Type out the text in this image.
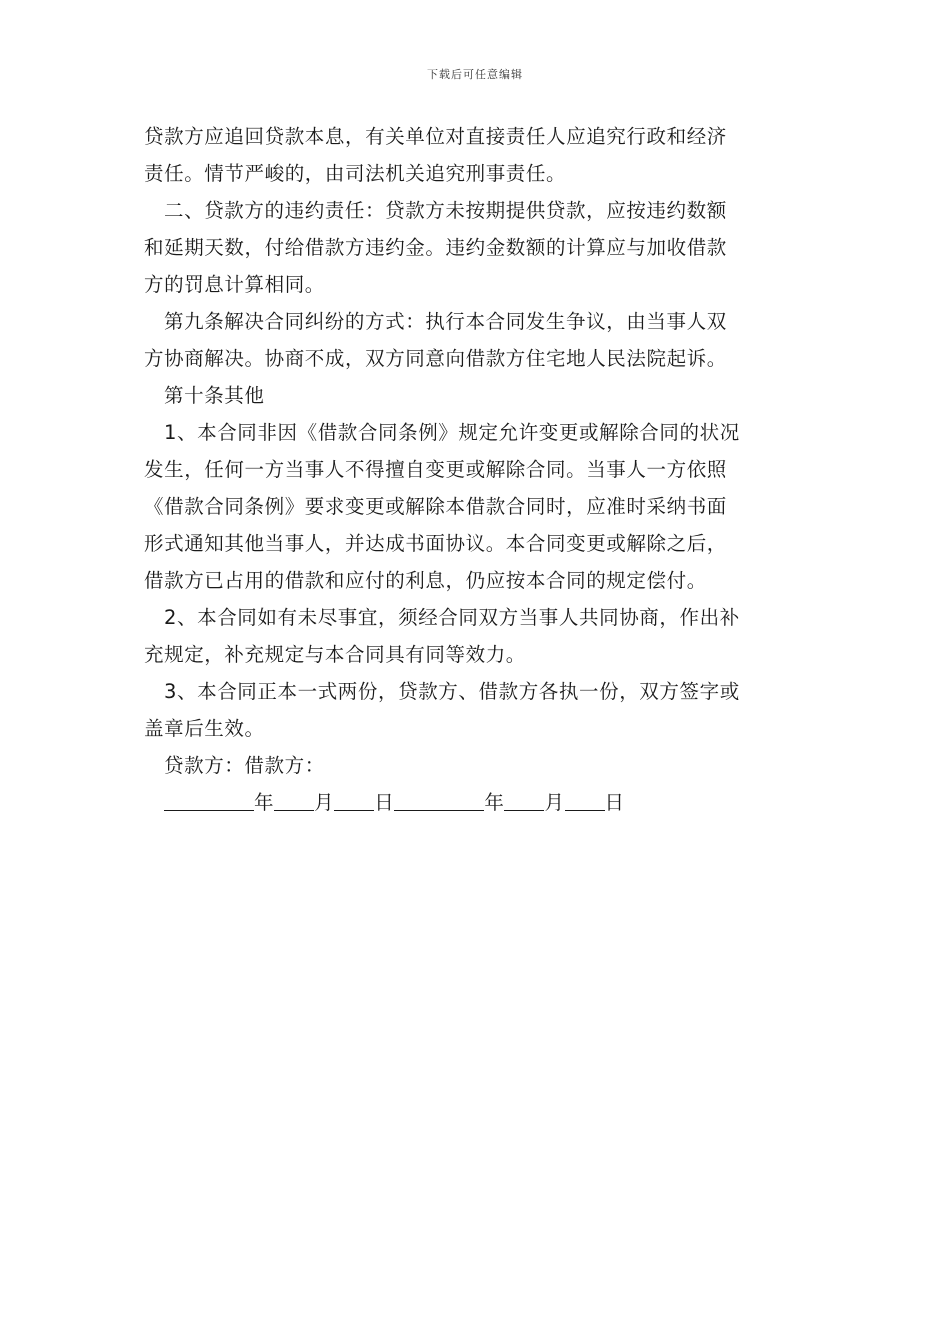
下载后可任意编辑
贷款方应追回贷款本息，有关单位对直接责任人应追究行政和经济
责任。情节严峻的，由司法机关追究刑事责任。
二、贷款方的违约责任：贷款方未按期提供贷款，应按违约数额
和延期天数，付给借款方违约金。违约金数额的计算应与加收借款
方的罚息计算相同。
第九条解决合同纠纷的方式：执行本合同发生争议，由当事人双
方协商解决。协商不成，双方同意向借款方住宅地人民法院起诉。
第十条其他
1、本合同非因《借款合同条例》规定允许变更或解除合同的状况
发生，任何一方当事人不得擅自变更或解除合同。当事人一方依照
《借款合同条例》要求变更或解除本借款合同时，应准时采纳书面
形式通知其他当事人，并达成书面协议。本合同变更或解除之后，
借款方已占用的借款和应付的利息，仍应按本合同的规定偿付。
2、本合同如有未尽事宜，须经合同双方当事人共同协商，作出补
充规定，补充规定与本合同具有同等效力。
3、本合同正本一式两份，贷款方、借款方各执一份，双方签字或
盖章后生效。
贷款方：借款方：
年 月 日	年 月 日
